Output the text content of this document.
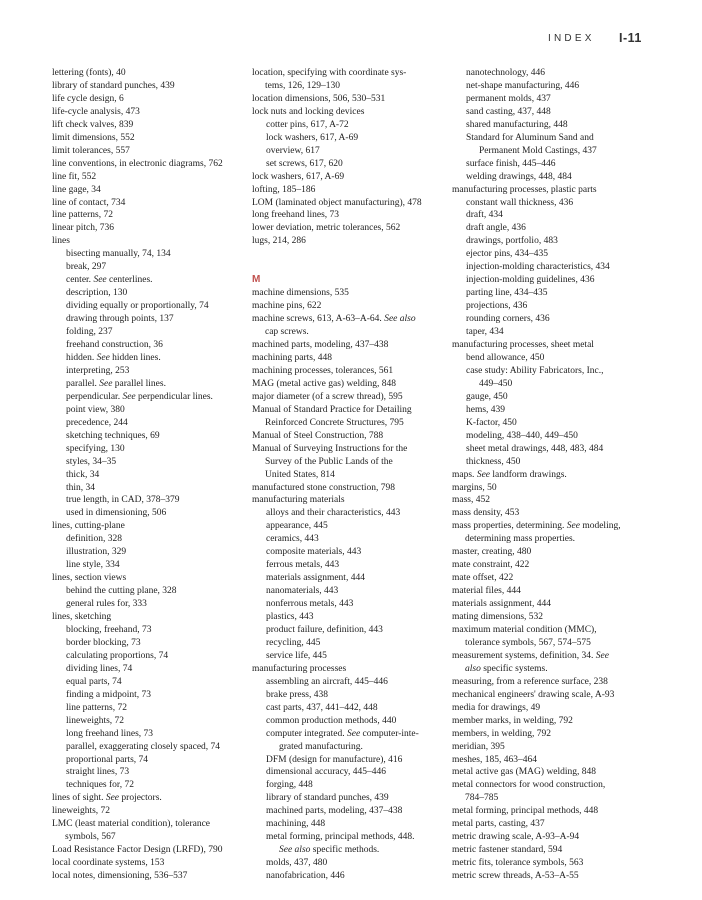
INDEX I-11
lettering (fonts), 40
library of standard punches, 439
life cycle design, 6
life-cycle analysis, 473
lift check valves, 839
limit dimensions, 552
limit tolerances, 557
line conventions, in electronic diagrams, 762
line fit, 552
line gage, 34
line of contact, 734
line patterns, 72
linear pitch, 736
lines
bisecting manually, 74, 134
break, 297
center. See centerlines.
description, 130
dividing equally or proportionally, 74
drawing through points, 137
folding, 237
freehand construction, 36
hidden. See hidden lines.
interpreting, 253
parallel. See parallel lines.
perpendicular. See perpendicular lines.
point view, 380
precedence, 244
sketching techniques, 69
specifying, 130
styles, 34–35
thick, 34
thin, 34
true length, in CAD, 378–379
used in dimensioning, 506
lines, cutting-plane
definition, 328
illustration, 329
line style, 334
lines, section views
behind the cutting plane, 328
general rules for, 333
lines, sketching
blocking, freehand, 73
border blocking, 73
calculating proportions, 74
dividing lines, 74
equal parts, 74
finding a midpoint, 73
line patterns, 72
lineweights, 72
long freehand lines, 73
parallel, exaggerating closely spaced, 74
proportional parts, 74
straight lines, 73
techniques for, 72
lines of sight. See projectors.
lineweights, 72
LMC (least material condition), tolerance
symbols, 567
Load Resistance Factor Design (LRFD), 790
local coordinate systems, 153
local notes, dimensioning, 536–537
location, specifying with coordinate sys-
tems, 126, 129–130
location dimensions, 506, 530–531
lock nuts and locking devices
cotter pins, 617, A-72
lock washers, 617, A-69
overview, 617
set screws, 617, 620
lock washers, 617, A-69
lofting, 185–186
LOM (laminated object manufacturing), 478
long freehand lines, 73
lower deviation, metric tolerances, 562
lugs, 214, 286

M
machine dimensions, 535
machine pins, 622
machine screws, 613, A-63–A-64. See also
cap screws.
machined parts, modeling, 437–438
machining parts, 448
machining processes, tolerances, 561
MAG (metal active gas) welding, 848
major diameter (of a screw thread), 595
Manual of Standard Practice for Detailing
Reinforced Concrete Structures, 795
Manual of Steel Construction, 788
Manual of Surveying Instructions for the
Survey of the Public Lands of the
United States, 814
manufactured stone construction, 798
manufacturing materials
alloys and their characteristics, 443
appearance, 445
ceramics, 443
composite materials, 443
ferrous metals, 443
materials assignment, 444
nanomaterials, 443
nonferrous metals, 443
plastics, 443
product failure, definition, 443
recycling, 445
service life, 445
manufacturing processes
assembling an aircraft, 445–446
brake press, 438
cast parts, 437, 441–442, 448
common production methods, 440
computer integrated. See computer-inte-
grated manufacturing.
DFM (design for manufacture), 416
dimensional accuracy, 445–446
forging, 448
library of standard punches, 439
machined parts, modeling, 437–438
machining, 448
metal forming, principal methods, 448.
See also specific methods.
molds, 437, 480
nanofabrication, 446
nanotechnology, 446
net-shape manufacturing, 446
permanent molds, 437
sand casting, 437, 448
shared manufacturing, 448
Standard for Aluminum Sand and
Permanent Mold Castings, 437
surface finish, 445–446
welding drawings, 448, 484
manufacturing processes, plastic parts
constant wall thickness, 436
draft, 434
draft angle, 436
drawings, portfolio, 483
ejector pins, 434–435
injection-molding characteristics, 434
injection-molding guidelines, 436
parting line, 434–435
projections, 436
rounding corners, 436
taper, 434
manufacturing processes, sheet metal
bend allowance, 450
case study: Ability Fabricators, Inc.,
449–450
gauge, 450
hems, 439
K-factor, 450
modeling, 438–440, 449–450
sheet metal drawings, 448, 483, 484
thickness, 450
maps. See landform drawings.
margins, 50
mass, 452
mass density, 453
mass properties, determining. See modeling,
determining mass properties.
master, creating, 480
mate constraint, 422
mate offset, 422
material files, 444
materials assignment, 444
mating dimensions, 532
maximum material condition (MMC),
tolerance symbols, 567, 574–575
measurement systems, definition, 34. See
also specific systems.
measuring, from a reference surface, 238
mechanical engineers' drawing scale, A-93
media for drawings, 49
member marks, in welding, 792
members, in welding, 792
meridian, 395
meshes, 185, 463–464
metal active gas (MAG) welding, 848
metal connectors for wood construction,
784–785
metal forming, principal methods, 448
metal parts, casting, 437
metric drawing scale, A-93–A-94
metric fastener standard, 594
metric fits, tolerance symbols, 563
metric screw threads, A-53–A-55
